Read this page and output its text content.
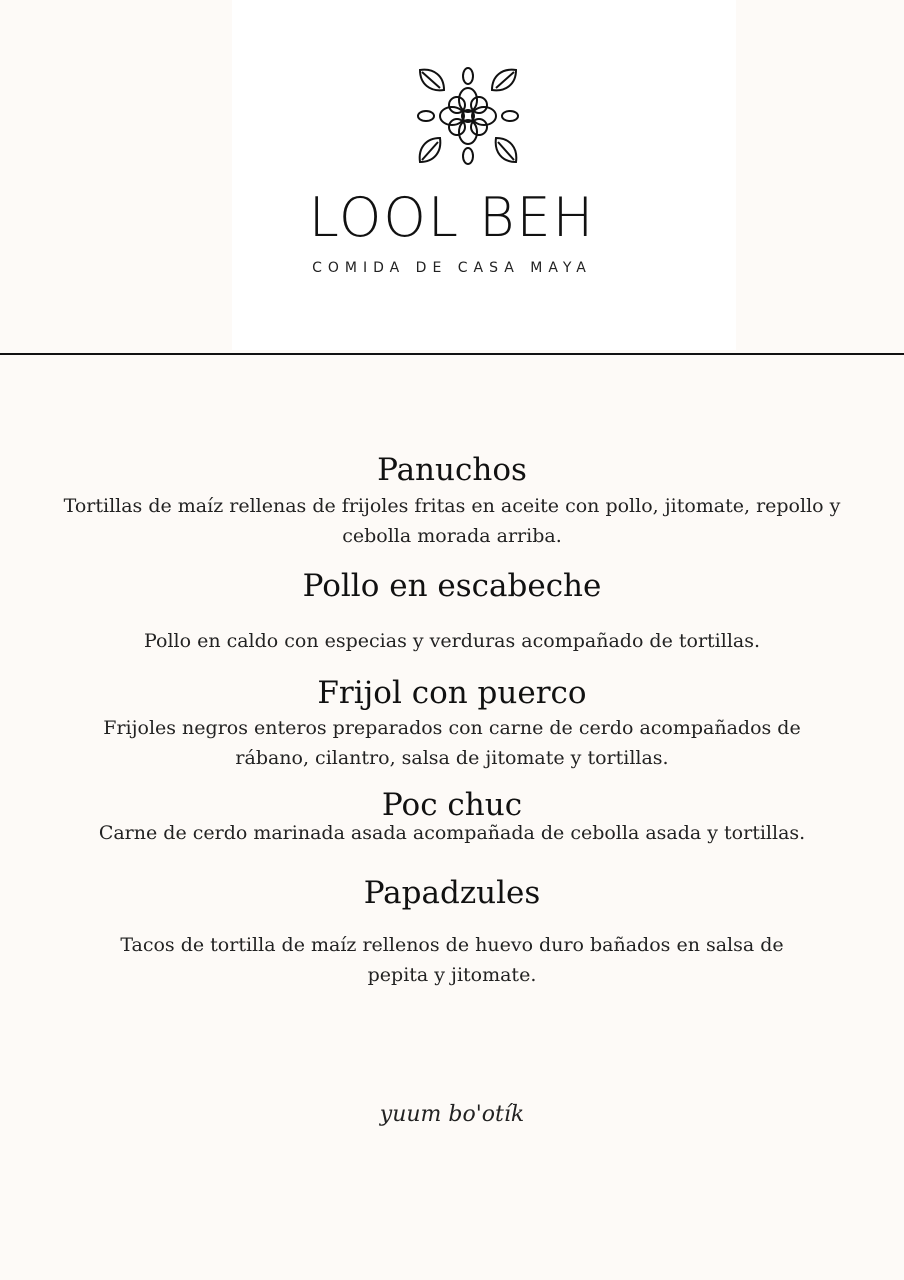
LOOL BEH
COMIDA DE CASA MAYA
Panuchos
Tortillas de maíz rellenas de frijoles fritas en aceite con pollo, jitomate, repollo y cebolla morada arriba.
Pollo en escabeche
Pollo en caldo con especias y verduras acompañado de tortillas.
Frijol con puerco
Frijoles negros enteros preparados con carne de cerdo acompañados de rábano, cilantro, salsa de jitomate y tortillas.
Poc chuc
Carne de cerdo marinada asada acompañada de cebolla asada y tortillas.
Papadzules
Tacos de tortilla de maíz rellenos de huevo duro bañados en salsa de pepita y jitomate.
yuum bo'otík
